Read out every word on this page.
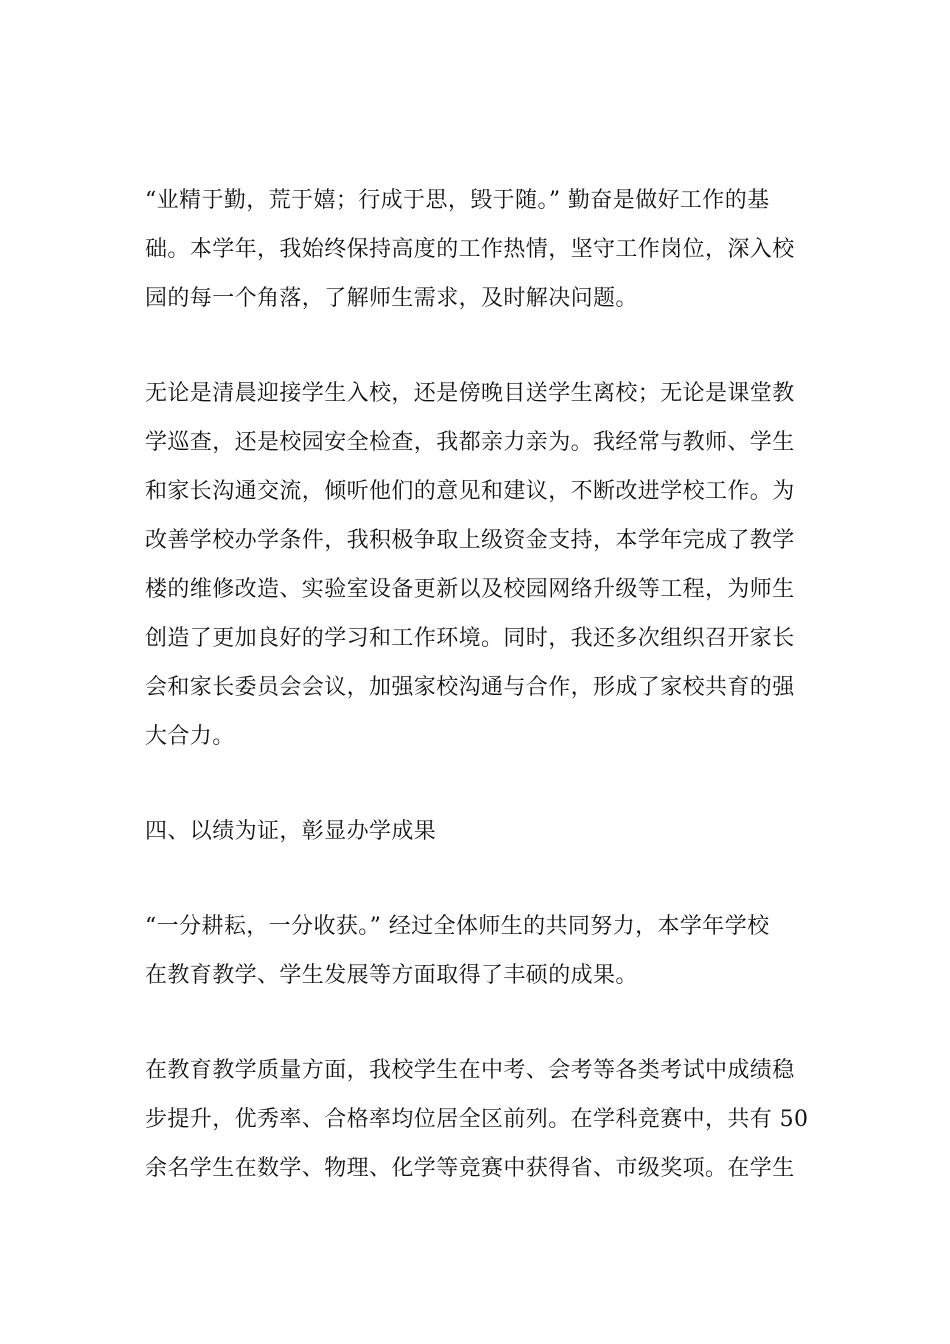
“业精于勤，荒于嬉；行成于思，毁于随。” 勤奋是做好工作的基
础。本学年，我始终保持高度的工作热情，坚守工作岗位，深入校
园的每一个角落，了解师生需求，及时解决问题。
无论是清晨迎接学生入校，还是傍晚目送学生离校；无论是课堂教
学巡查，还是校园安全检查，我都亲力亲为。我经常与教师、学生
和家长沟通交流，倾听他们的意见和建议，不断改进学校工作。为
改善学校办学条件，我积极争取上级资金支持，本学年完成了教学
楼的维修改造、实验室设备更新以及校园网络升级等工程，为师生
创造了更加良好的学习和工作环境。同时，我还多次组织召开家长
会和家长委员会会议，加强家校沟通与合作，形成了家校共育的强
大合力。
四、以绩为证，彰显办学成果
“一分耕耘，一分收获。” 经过全体师生的共同努力，本学年学校
在教育教学、学生发展等方面取得了丰硕的成果。
在教育教学质量方面，我校学生在中考、会考等各类考试中成绩稳
步提升，优秀率、合格率均位居全区前列。在学科竞赛中，共有 50
余名学生在数学、物理、化学等竞赛中获得省、市级奖项。在学生
